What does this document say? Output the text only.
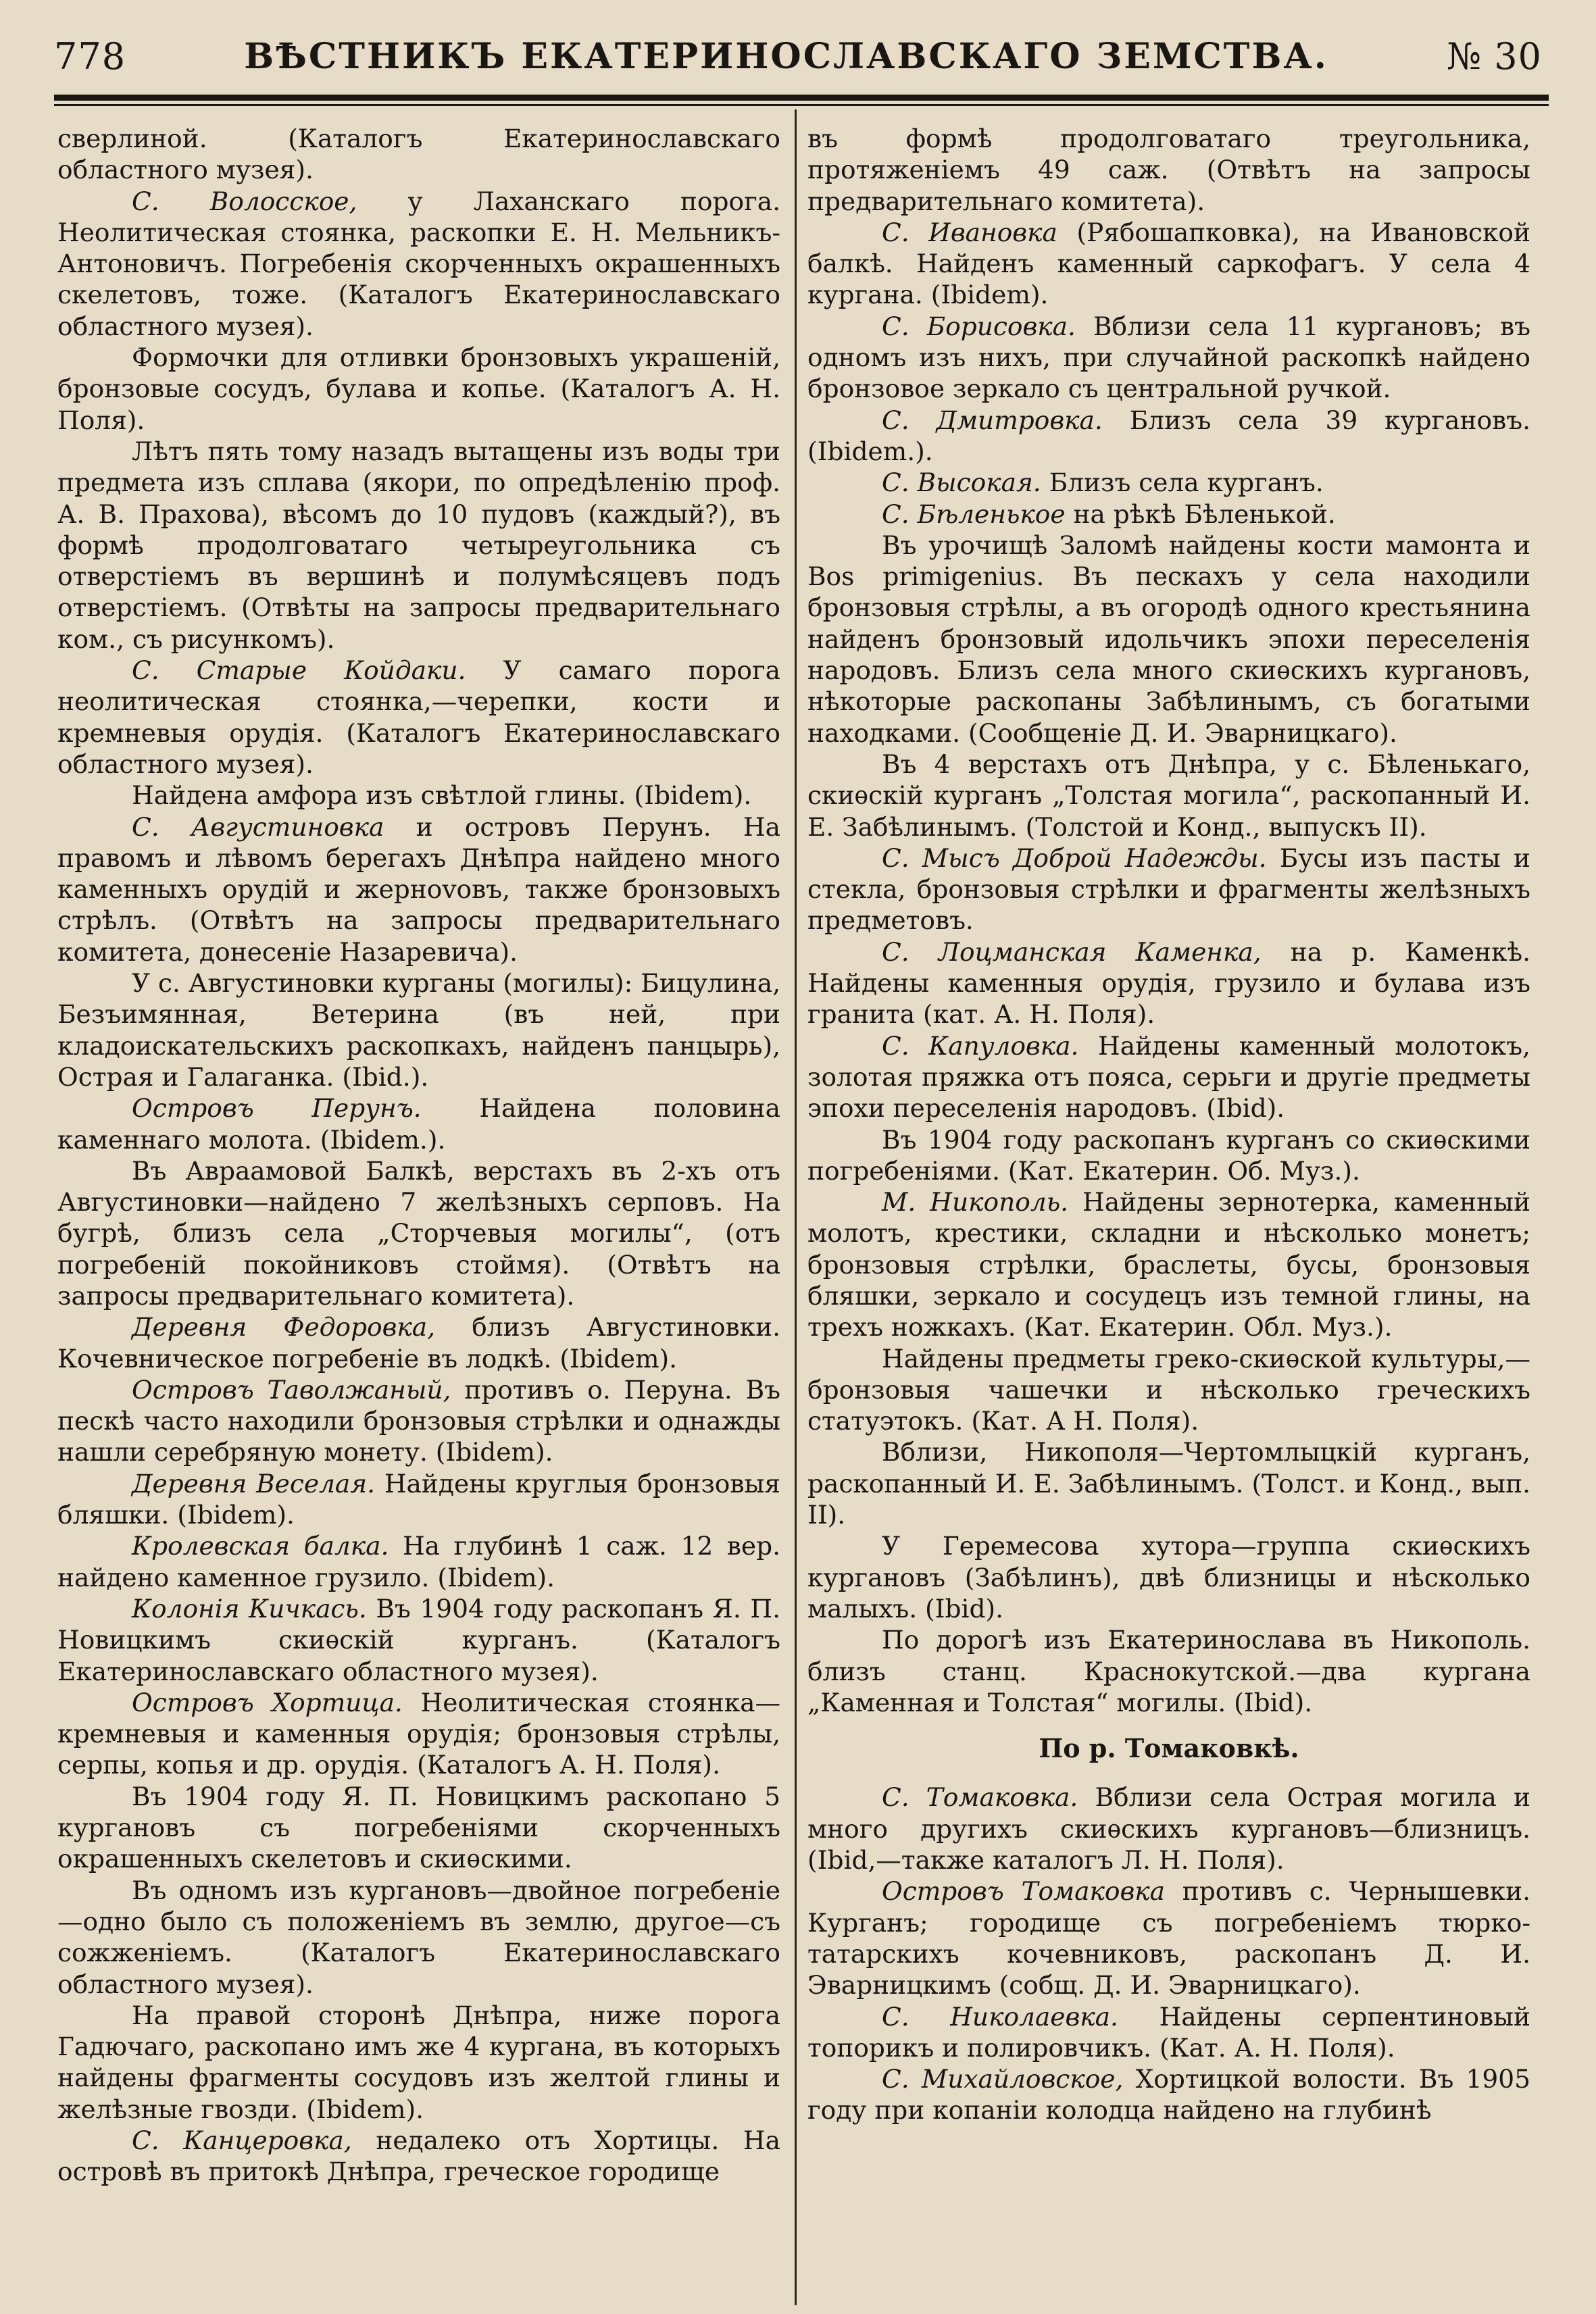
778	ВѢСТНИКЪ ЕКАТЕРИНОСЛАВСКАГО ЗЕМСТВА.	№ 30

сверлиной. (Каталогъ Екатеринославскаго областного музея).

С. Волосское, у Лаханскаго порога. Неолитическая стоянка, раскопки Е. Н. Мельникъ-Антоновичъ. Погребенія скорченныхъ окрашенныхъ скелетовъ, тоже. (Каталогъ Екатеринославскаго областного музея).

Формочки для отливки бронзовыхъ украшеній, бронзовые сосудъ, булава и копье. (Каталогъ А. Н. Поля).

Лѣтъ пять тому назадъ вытащены изъ воды три предмета изъ сплава (якори, по опредѣленію проф. А. В. Прахова), вѣсомъ до 10 пудовъ (каждый?), въ формѣ продолговатаго четыреугольника съ отверстіемъ въ вершинѣ и полумѣсяцевъ подъ отверстіемъ. (Отвѣты на запросы предварительнаго ком., съ рисункомъ).

С. Старые Койдаки. У самаго порога неолитическая стоянка,—черепки, кости и кремневыя орудія. (Каталогъ Екатеринославскаго областного музея).

Найдена амфора изъ свѣтлой глины. (Ibidem).

С. Августиновка и островъ Перунъ. На правомъ и лѣвомъ берегахъ Днѣпра найдено много каменныхъ орудій и жерноvовъ, также бронзовыхъ стрѣлъ. (Отвѣтъ на запросы предварительнаго комитета, донесеніе Назаревича).

У с. Августиновки курганы (могилы): Бицулина, Безъимянная, Ветерина (въ ней, при кладоискательскихъ раскопкахъ, найденъ панцырь), Острая и Галаганка. (Ibid.).

Островъ Перунъ. Найдена половина каменнаго молота. (Ibidem.).

Въ Авраамовой Балкѣ, верстахъ въ 2-хъ отъ Августиновки—найдено 7 желѣзныхъ серповъ. На бугрѣ, близъ села „Сторчевыя могилы“, (отъ погребеній покойниковъ стоймя). (Отвѣтъ на запросы предварительнаго комитета).

Деревня Федоровка, близъ Августиновки. Кочевническое погребеніе въ лодкѣ. (Ibidem).

Островъ Таволжаный, противъ о. Перуна. Въ пескѣ часто находили бронзовыя стрѣлки и однажды нашли серебряную монету. (Ibidem).

Деревня Веселая. Найдены круглыя бронзовыя бляшки. (Ibidem).

Кролевская балка. На глубинѣ 1 саж. 12 вер. найдено каменное грузило. (Ibidem).

Колонія Кичкась. Въ 1904 году раскопанъ Я. П. Новицкимъ скиѳскій курганъ. (Каталогъ Екатеринославскаго областного музея).

Островъ Хортица. Неолитическая стоянка—кремневыя и каменныя орудія; бронзовыя стрѣлы, серпы, копья и др. орудія. (Каталогъ А. Н. Поля).

Въ 1904 году Я. П. Новицкимъ раскопано 5 кургановъ съ погребеніями скорченныхъ окрашенныхъ скелетовъ и скиѳскими.

Въ одномъ изъ кургановъ—двойное погребеніе—одно было съ положеніемъ въ землю, другое—съ сожженіемъ. (Каталогъ Екатеринославскаго областного музея).

На правой сторонѣ Днѣпра, ниже порога Гадючаго, раскопано имъ же 4 кургана, въ которыхъ найдены фрагменты сосудовъ изъ желтой глины и желѣзные гвозди. (Ibidem).

С. Канцеровка, недалеко отъ Хортицы. На островѣ въ притокѣ Днѣпра, греческое городище

въ формѣ продолговатаго треугольника, протяженіемъ 49 саж. (Отвѣтъ на запросы предварительнаго комитета).

С. Ивановка (Рябошапковка), на Ивановской балкѣ. Найденъ каменный саркофагъ. У села 4 кургана. (Ibidem).

С. Борисовка. Вблизи села 11 кургановъ; въ одномъ изъ нихъ, при случайной раскопкѣ найдено бронзовое зеркало съ центральной ручкой.

С. Дмитровка. Близъ села 39 кургановъ. (Ibidem.).

С. Высокая. Близъ села курганъ.

С. Бѣленькое на рѣкѣ Бѣленькой.

Въ урочищѣ Заломѣ найдены кости мамонта и Bos primigenius. Въ пескахъ у села находили бронзовыя стрѣлы, а въ огородѣ одного крестьянина найденъ бронзовый идольчикъ эпохи переселенія народовъ. Близъ села много скиѳскихъ кургановъ, нѣкоторые раскопаны Забѣлинымъ, съ богатыми находками. (Сообщеніе Д. И. Эварницкаго).

Въ 4 верстахъ отъ Днѣпра, у с. Бѣленькаго, скиѳскій курганъ „Толстая могила“, раскопанный И. Е. Забѣлинымъ. (Толстой и Конд., выпускъ II).

С. Мысъ Доброй Надежды. Бусы изъ пасты и стекла, бронзовыя стрѣлки и фрагменты желѣзныхъ предметовъ.

С. Лоцманская Каменка, на р. Каменкѣ. Найдены каменныя орудія, грузило и булава изъ гранита (кат. А. Н. Поля).

С. Капуловка. Найдены каменный молотокъ, золотая пряжка отъ пояса, серьги и другіе предметы эпохи переселенія народовъ. (Ibid).

Въ 1904 году раскопанъ курганъ со скиѳскими погребеніями. (Кат. Екатерин. Об. Муз.).

М. Никополь. Найдены зернотерка, каменный молотъ, крестики, складни и нѣсколько монетъ; бронзовыя стрѣлки, браслеты, бусы, бронзовыя бляшки, зеркало и сосудецъ изъ темной глины, на трехъ ножкахъ. (Кат. Екатерин. Обл. Муз.).

Найдены предметы греко-скиѳской культуры,—бронзовыя чашечки и нѣсколько греческихъ статуэтокъ. (Кат. А Н. Поля).

Вблизи, Никополя—Чертомлыцкій курганъ, раскопанный И. Е. Забѣлинымъ. (Толст. и Конд., вып. II).

У Геремесова хутора—группа скиѳскихъ кургановъ (Забѣлинъ), двѣ близницы и нѣсколько малыхъ. (Ibid).

По дорогѣ изъ Екатеринослава въ Никополь. близъ станц. Краснокутской.—два кургана „Каменная и Толстая“ могилы. (Ibid).

По р. Томаковкѣ.

С. Томаковка. Вблизи села Острая могила и много другихъ скиѳскихъ кургановъ—близницъ. (Ibid,—также каталогъ Л. Н. Поля).

Островъ Томаковка противъ с. Чернышевки. Курганъ; городище съ погребеніемъ тюрко-татарскихъ кочевниковъ, раскопанъ Д. И. Эварницкимъ (собщ. Д. И. Эварницкаго).

С. Николаевка. Найдены серпентиновый топорикъ и полировчикъ. (Кат. А. Н. Поля).

С. Михайловское, Хортицкой волости. Въ 1905 году при копаніи колодца найдено на глубинѣ
